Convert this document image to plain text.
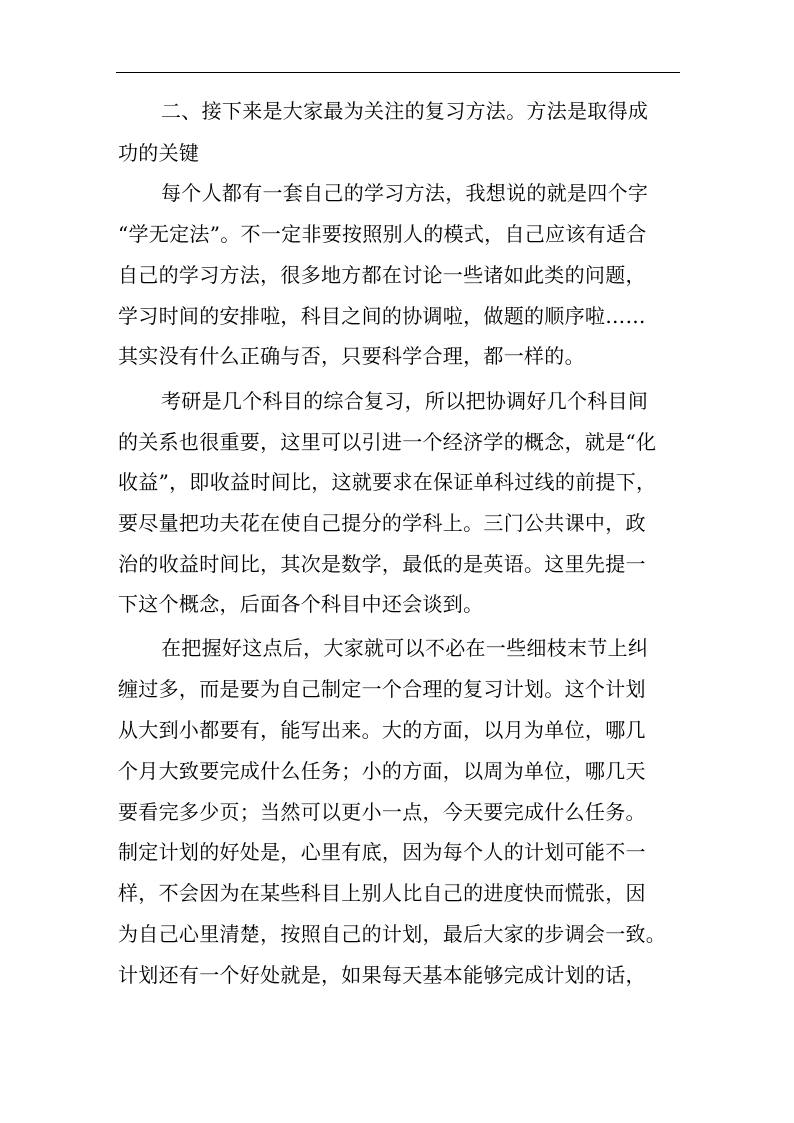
二、接下来是大家最为关注的复习方法。方法是取得成
功的关键
每个人都有一套自己的学习方法，我想说的就是四个字
“学无定法”。不一定非要按照别人的模式，自己应该有适合
自己的学习方法，很多地方都在讨论一些诸如此类的问题，
学习时间的安排啦，科目之间的协调啦，做题的顺序啦……
其实没有什么正确与否，只要科学合理，都一样的。
考研是几个科目的综合复习，所以把协调好几个科目间
的关系也很重要，这里可以引进一个经济学的概念，就是“化
收益”，即收益时间比，这就要求在保证单科过线的前提下，
要尽量把功夫花在使自己提分的学科上。三门公共课中，政
治的收益时间比，其次是数学，最低的是英语。这里先提一
下这个概念，后面各个科目中还会谈到。
在把握好这点后，大家就可以不必在一些细枝末节上纠
缠过多，而是要为自己制定一个合理的复习计划。这个计划
从大到小都要有，能写出来。大的方面，以月为单位，哪几
个月大致要完成什么任务；小的方面，以周为单位，哪几天
要看完多少页；当然可以更小一点，今天要完成什么任务。
制定计划的好处是，心里有底，因为每个人的计划可能不一
样，不会因为在某些科目上别人比自己的进度快而慌张，因
为自己心里清楚，按照自己的计划，最后大家的步调会一致。
计划还有一个好处就是，如果每天基本能够完成计划的话，
